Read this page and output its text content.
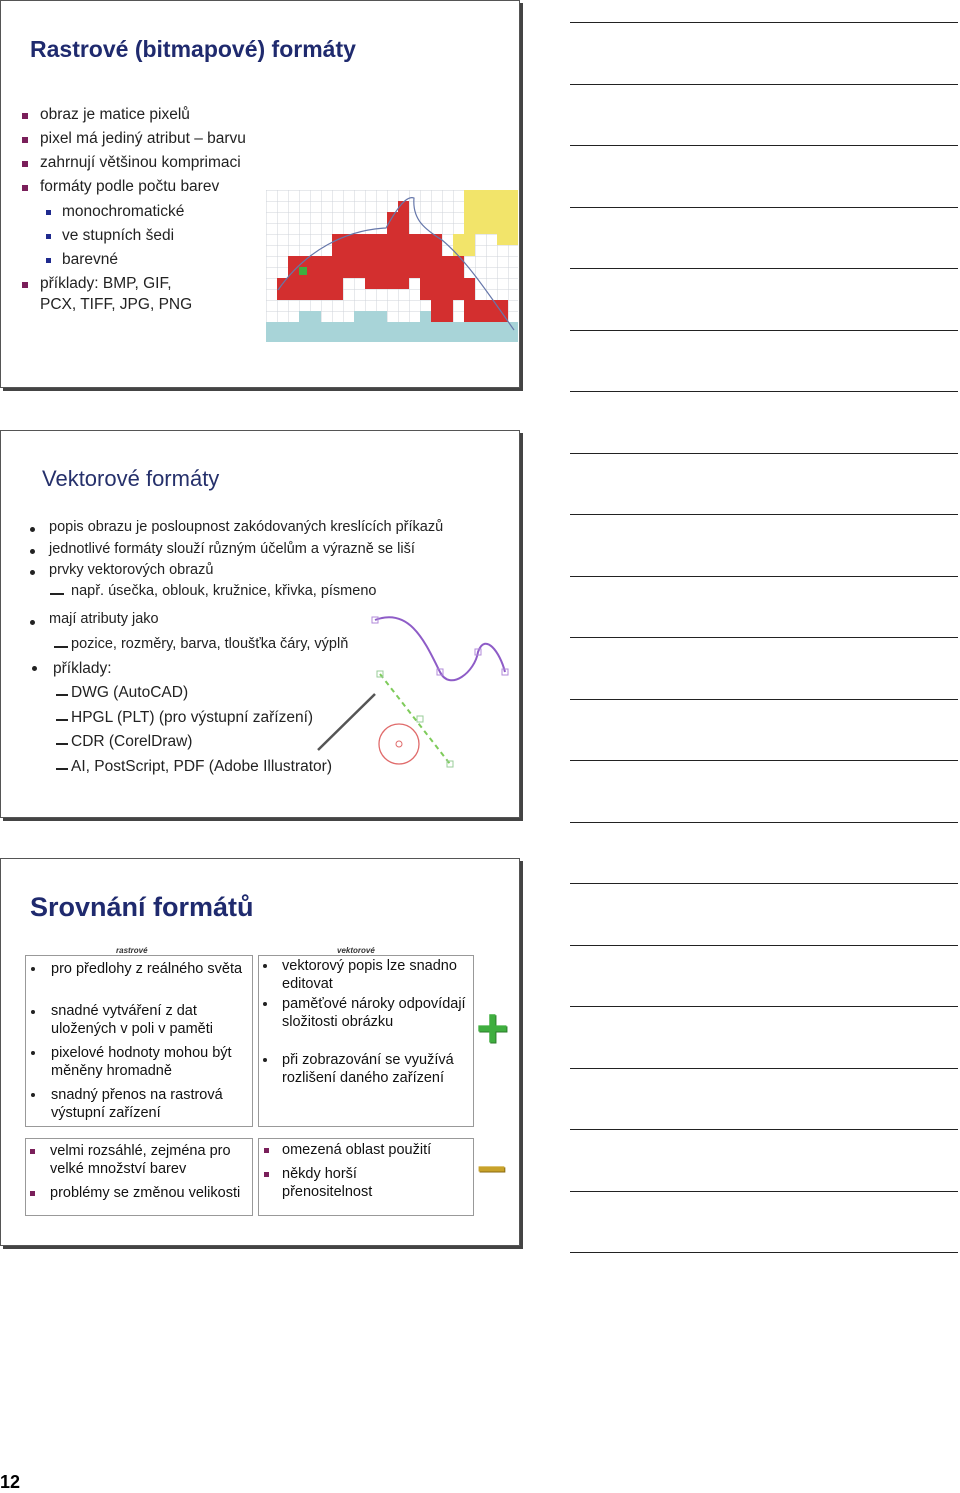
Rastrové (bitmapové) formáty
obraz je matice pixelů
pixel má jediný atribut – barvu
zahrnují většinou komprimaci
formáty podle počtu barev
monochromatické
ve stupních šedi
barevné
příklady: BMP, GIF,
PCX, TIFF, JPG, PNG
Vektorové formáty
popis obrazu je posloupnost zakódovaných kreslících příkazů
jednotlivé formáty slouží různým účelům a výrazně se liší
prvky vektorových obrazů
např. úsečka, oblouk, kružnice, křivka, písmeno
mají atributy jako
pozice, rozměry, barva, tloušťka čáry, výplň
příklady:
DWG (AutoCAD)
HPGL (PLT) (pro výstupní zařízení)
CDR (CorelDraw)
AI, PostScript, PDF (Adobe Illustrator)
Srovnání formátů
rastrové	vektorové
pro předlohy z reálného světa
snadné vytváření z dat uložených v poli v paměti
pixelové hodnoty mohou být měněny hromadně
snadný přenos na rastrová výstupní zařízení
vektorový popis lze snadno editovat
paměťové nároky odpovídají složitosti obrázku
při zobrazování se využívá rozlišení daného zařízení
velmi rozsáhlé, zejména pro velké množství barev
problémy se změnou velikosti
omezená oblast použití
někdy horší přenositelnost
+
–
12
